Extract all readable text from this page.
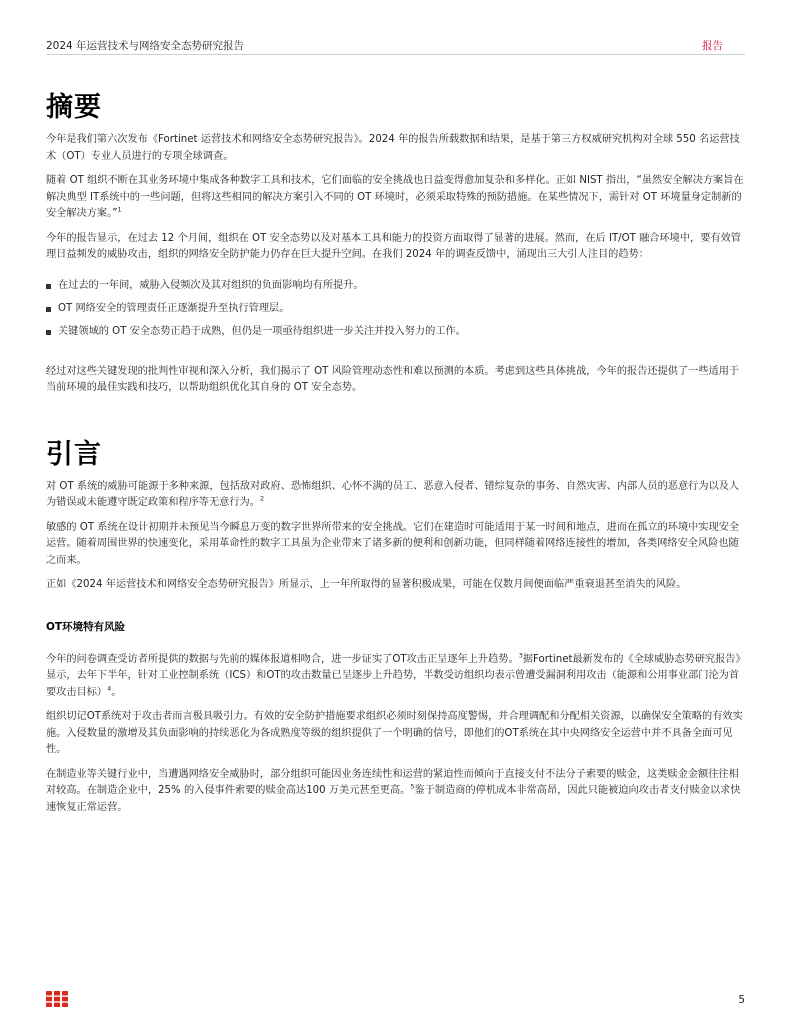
2024 年运营技术与网络安全态势研究报告	报告
摘要

今年是我们第六次发布《Fortinet 运营技术和网络安全态势研究报告》。2024 年的报告所载数据和结果，是基于第三方权威研究机构对全球 550 名运营技术（OT）专业人员进行的专项全球调查。

随着 OT 组织不断在其业务环境中集成各种数字工具和技术，它们面临的安全挑战也日益变得愈加复杂和多样化。正如 NIST 指出，“虽然安全解决方案旨在解决典型 IT系统中的一些问题，但将这些相同的解决方案引入不同的 OT 环境时，必须采取特殊的预防措施。在某些情况下，需针对 OT 环境量身定制新的安全解决方案。”$^1$

今年的报告显示，在过去 12 个月间，组织在 OT 安全态势以及对基本工具和能力的投资方面取得了显著的进展。然而，在后 IT/OT 融合环境中，要有效管理日益频发的威胁攻击，组织的网络安全防护能力仍存在巨大提升空间。在我们 2024 年的调查反馈中，涌现出三大引人注目的趋势：

在过去的一年间，威胁入侵频次及其对组织的负面影响均有所提升。
OT 网络安全的管理责任正逐渐提升至执行管理层。
关键领域的 OT 安全态势正趋于成熟，但仍是一项亟待组织进一步关注并投入努力的工作。

经过对这些关键发现的批判性审视和深入分析，我们揭示了 OT 风险管理动态性和难以预测的本质。考虑到这些具体挑战，今年的报告还提供了一些适用于当前环境的最佳实践和技巧，以帮助组织优化其自身的 OT 安全态势。

引言

对 OT 系统的威胁可能源于多种来源，包括敌对政府、恐怖组织、心怀不满的员工、恶意入侵者、错综复杂的事务、自然灾害、内部人员的恶意行为以及人为错误或未能遵守既定政策和程序等无意行为。$^2$

敏感的 OT 系统在设计初期并未预见当今瞬息万变的数字世界所带来的安全挑战。它们在建造时可能适用于某一时间和地点，进而在孤立的环境中实现安全运营。随着周围世界的快速变化，采用革命性的数字工具虽为企业带来了诸多新的便利和创新功能，但同样随着网络连接性的增加，各类网络安全风险也随之而来。

正如《2024 年运营技术和网络安全态势研究报告》所显示，上一年所取得的显著积极成果，可能在仅数月间便面临严重衰退甚至消失的风险。

OT环境特有风险

今年的问卷调查受访者所提供的数据与先前的媒体报道相吻合，进一步证实了OT攻击正呈逐年上升趋势。$^3$据Fortinet最新发布的《全球威胁态势研究报告》显示，去年下半年，针对工业控制系统（ICS）和OT的攻击数量已呈逐步上升趋势，半数受访组织均表示曾遭受漏洞利用攻击（能源和公用事业部门沦为首要攻击目标）$^4$。

组织切记OT系统对于攻击者而言极具吸引力。有效的安全防护措施要求组织必须时刻保持高度警惕，并合理调配和分配相关资源，以确保安全策略的有效实施。入侵数量的激增及其负面影响的持续恶化为各成熟度等级的组织提供了一个明确的信号，即他们的OT系统在其中央网络安全运营中并不具备全面可见性。

在制造业等关键行业中，当遭遇网络安全威胁时，部分组织可能因业务连续性和运营的紧迫性而倾向于直接支付不法分子索要的赎金，这类赎金金额往往相对较高。在制造企业中，25% 的入侵事件索要的赎金高达100 万美元甚至更高。$^5$鉴于制造商的停机成本非常高昂，因此只能被迫向攻击者支付赎金以求快速恢复正常运营。

5
